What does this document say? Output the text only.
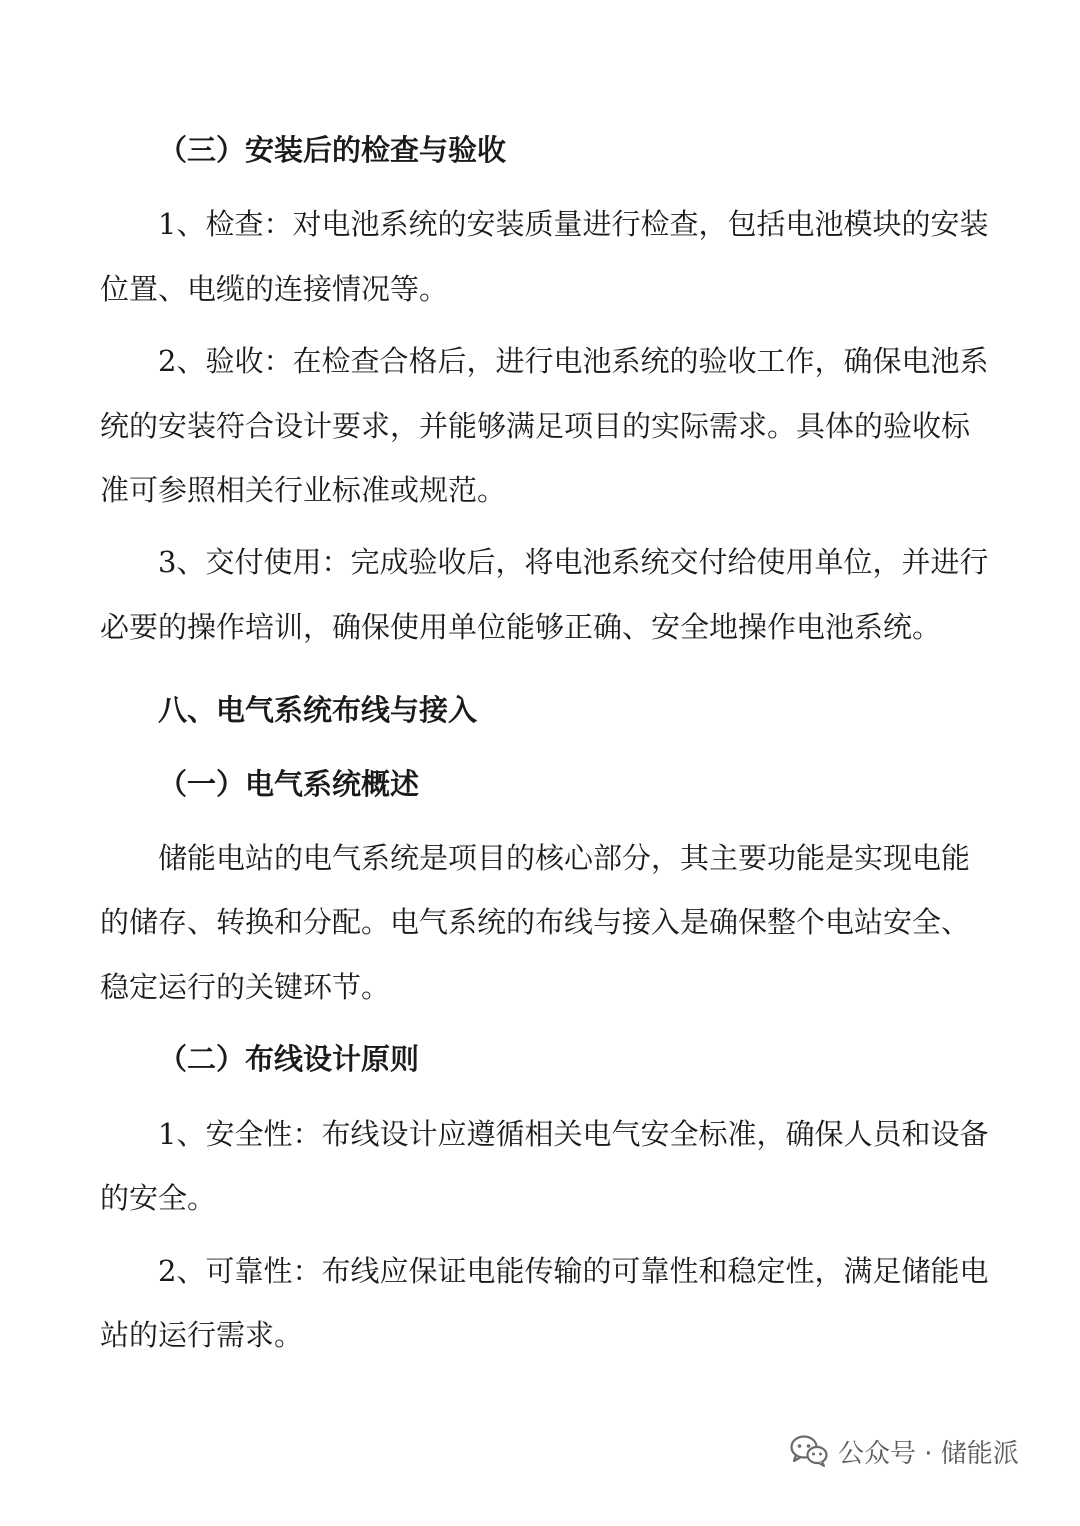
（三）安装后的检查与验收

1、检查：对电池系统的安装质量进行检查，包括电池模块的安装

位置、电缆的连接情况等。

2、验收：在检查合格后，进行电池系统的验收工作，确保电池系

统的安装符合设计要求，并能够满足项目的实际需求。具体的验收标

准可参照相关行业标准或规范。

3、交付使用：完成验收后，将电池系统交付给使用单位，并进行

必要的操作培训，确保使用单位能够正确、安全地操作电池系统。

八、电气系统布线与接入

（一）电气系统概述

储能电站的电气系统是项目的核心部分，其主要功能是实现电能

的储存、转换和分配。电气系统的布线与接入是确保整个电站安全、

稳定运行的关键环节。

（二）布线设计原则

1、安全性：布线设计应遵循相关电气安全标准，确保人员和设备

的安全。

2、可靠性：布线应保证电能传输的可靠性和稳定性，满足储能电

站的运行需求。

公众号 · 储能派
